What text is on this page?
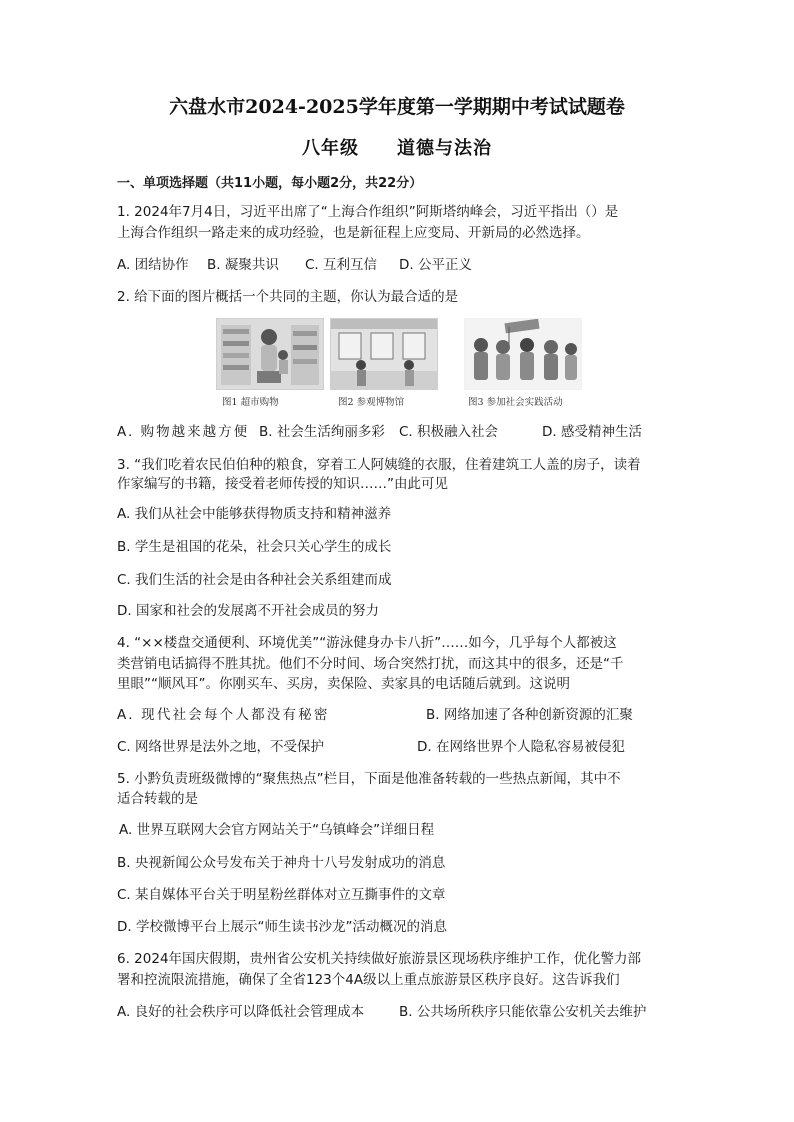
六盘水市2024-2025学年度第一学期期中考试试题卷
八年级 道德与法治
一、单项选择题（共11小题，每小题2分，共22分）
1. 2024年7月4日，习近平出席了“上海合作组织”阿斯塔纳峰会，习近平指出（）是
上海合作组织一路走来的成功经验，也是新征程上应变局、开新局的必然选择。
A. 团结协作 B. 凝聚共识 C. 互利互信 D. 公平正义
2. 给下面的图片概括一个共同的主题，你认为最合适的是
图1 超市购物	图2 参观博物馆	图3 参加社会实践活动
A. 购物越来越方便 B. 社会生活绚丽多彩 C. 积极融入社会	D. 感受精神生活
3. “我们吃着农民伯伯种的粮食，穿着工人阿姨缝的衣服，住着建筑工人盖的房子，读着
作家编写的书籍，接受着老师传授的知识……”由此可见
A. 我们从社会中能够获得物质支持和精神滋养
B. 学生是祖国的花朵，社会只关心学生的成长
C. 我们生活的社会是由各种社会关系组建而成
D. 国家和社会的发展离不开社会成员的努力
4. “××楼盘交通便利、环境优美”“游泳健身办卡八折”……如今，几乎每个人都被这
类营销电话搞得不胜其扰。他们不分时间、场合突然打扰，而这其中的很多，还是“千
里眼”“顺风耳”。你刚买车、买房，卖保险、卖家具的电话随后就到。这说明
A. 现代社会每个人都没有秘密	B. 网络加速了各种创新资源的汇聚
C. 网络世界是法外之地，不受保护	D. 在网络世界个人隐私容易被侵犯
5. 小黔负责班级微博的“聚焦热点”栏目，下面是他准备转载的一些热点新闻，其中不
适合转载的是
A. 世界互联网大会官方网站关于“乌镇峰会”详细日程
B. 央视新闻公众号发布关于神舟十八号发射成功的消息
C. 某自媒体平台关于明星粉丝群体对立互撕事件的文章
D. 学校微博平台上展示“师生读书沙龙”活动概况的消息
6. 2024年国庆假期，贵州省公安机关持续做好旅游景区现场秩序维护工作，优化警力部
署和控流限流措施，确保了全省123个4A级以上重点旅游景区秩序良好。这告诉我们
A. 良好的社会秩序可以降低社会管理成本	B. 公共场所秩序只能依靠公安机关去维护
